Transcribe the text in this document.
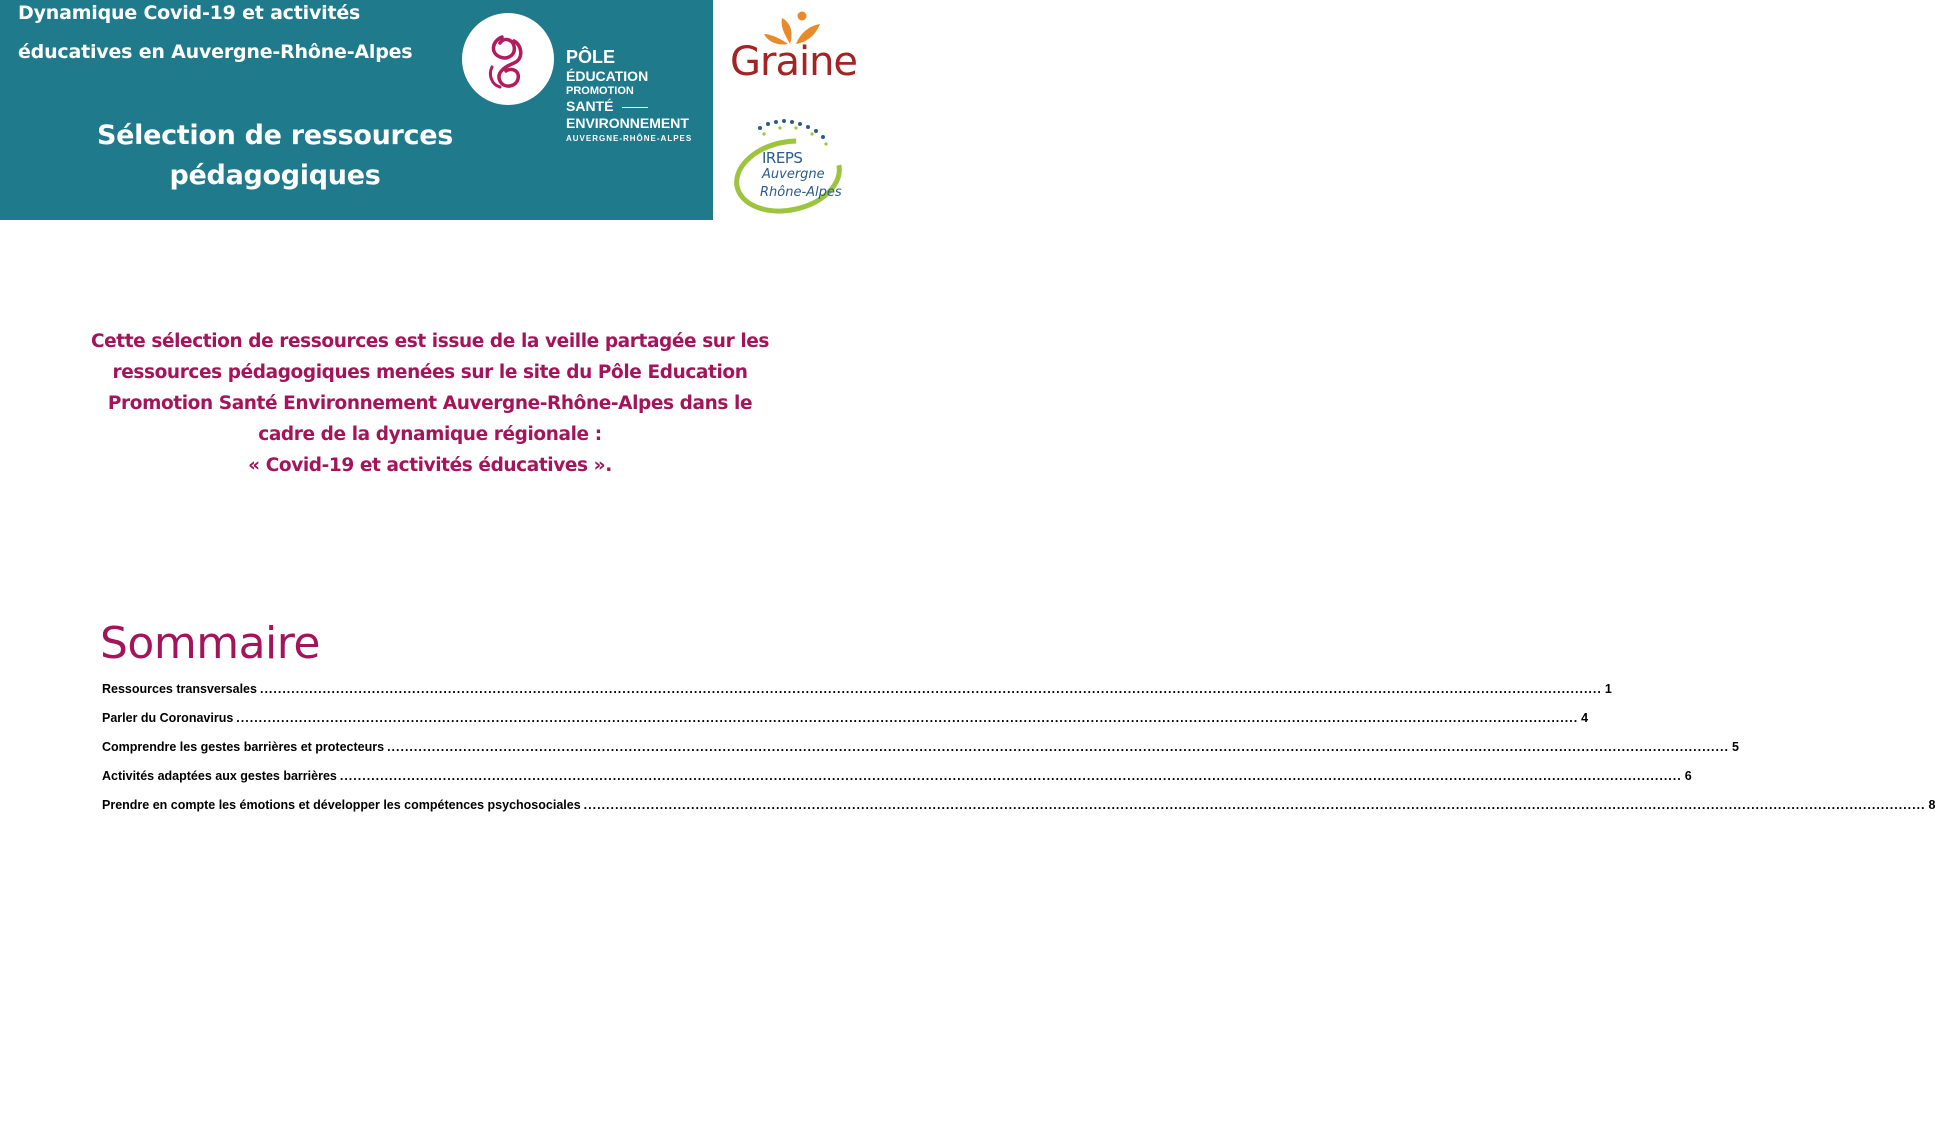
Dynamique Covid-19 et activités
éducatives en Auvergne-Rhône-Alpes
Sélection de ressources
pédagogiques
PÔLE
ÉDUCATION
PROMOTION
SANTÉ
ENVIRONNEMENT
AUVERGNE-RHÔNE-ALPES
Graine
IREPS
Auvergne
Rhône-Alpes
Cette sélection de ressources est issue de la veille partagée sur les
ressources pédagogiques menées sur le site du Pôle Education
Promotion Santé Environnement Auvergne-Rhône-Alpes dans le
cadre de la dynamique régionale :
« Covid-19 et activités éducatives ».
Sommaire
Ressources transversales ............................................................................................................................................................................................................................................................................................................ 1
Parler du Coronavirus ............................................................................................................................................................................................................................................................................................................ 4
Comprendre les gestes barrières et protecteurs ............................................................................................................................................................................................................................................................................................................ 5
Activités adaptées aux gestes barrières ............................................................................................................................................................................................................................................................................................................ 6
Prendre en compte les émotions et développer les compétences psychosociales ............................................................................................................................................................................................................................................................................................................ 8
